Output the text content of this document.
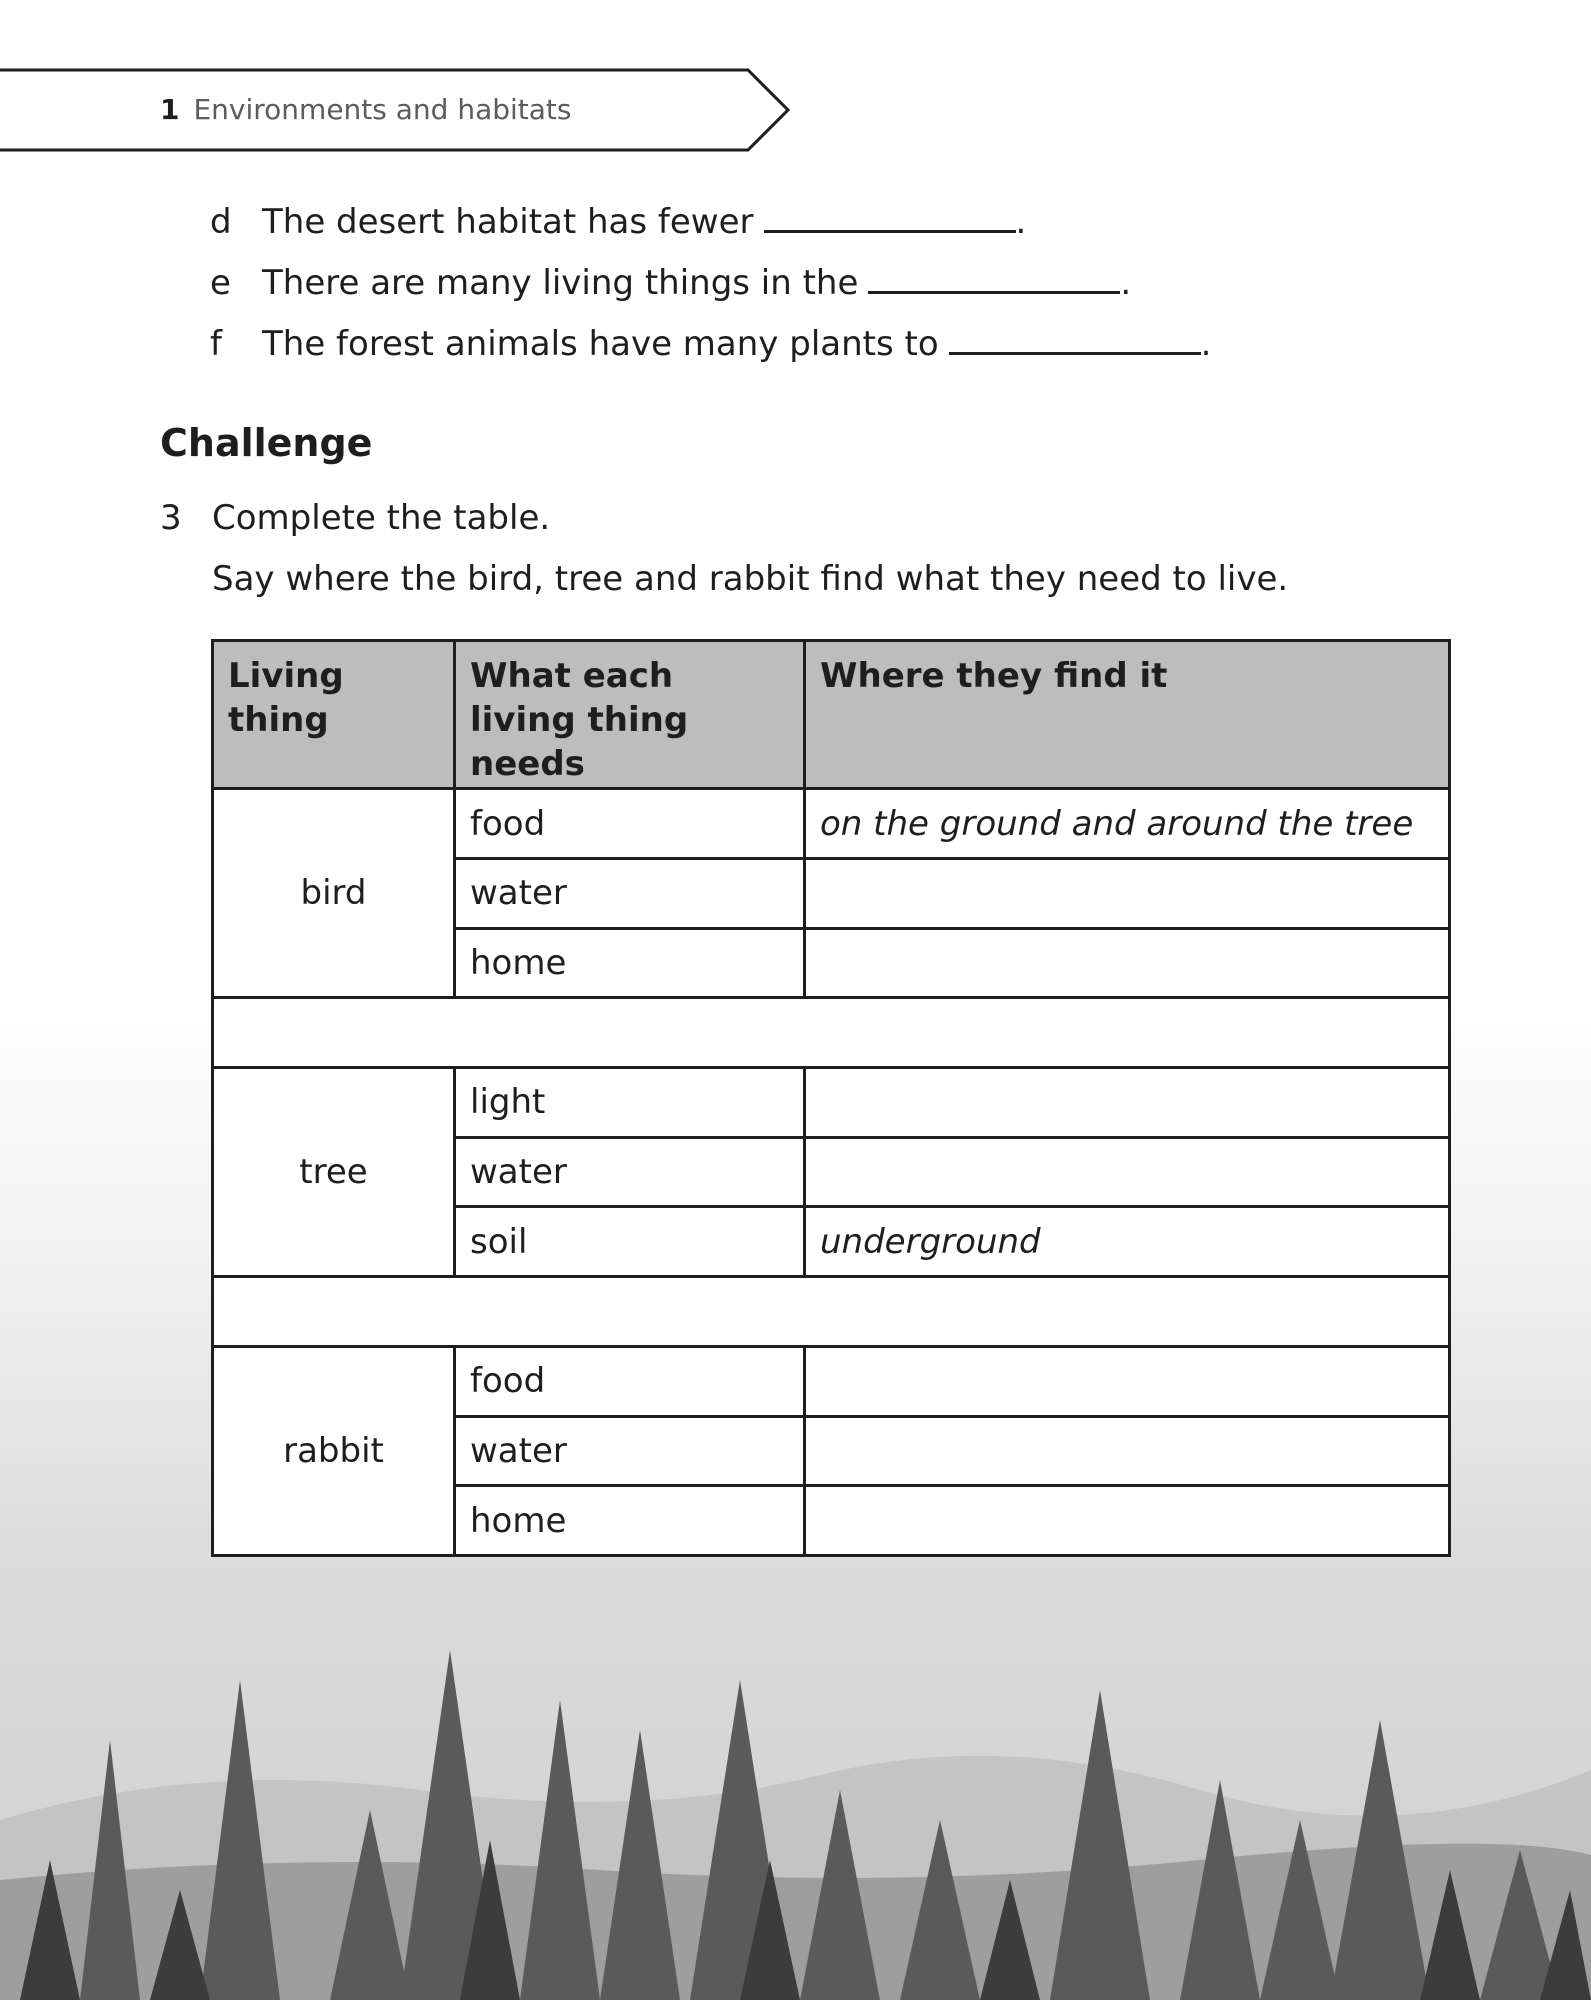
1 Environments and habitats
d The desert habitat has fewer	.
e There are many living things in the	.
f The forest animals have many plants to	.
Challenge
3 Complete the table.
Say where the bird, tree and rabbit find what they need to live.
Living thing	What each living thing needs	Where they find it
bird	food	on the ground and around the tree
	water	
	home	

tree	light	
	water	
	soil	underground

rabbit	food	
	water	
	home	
